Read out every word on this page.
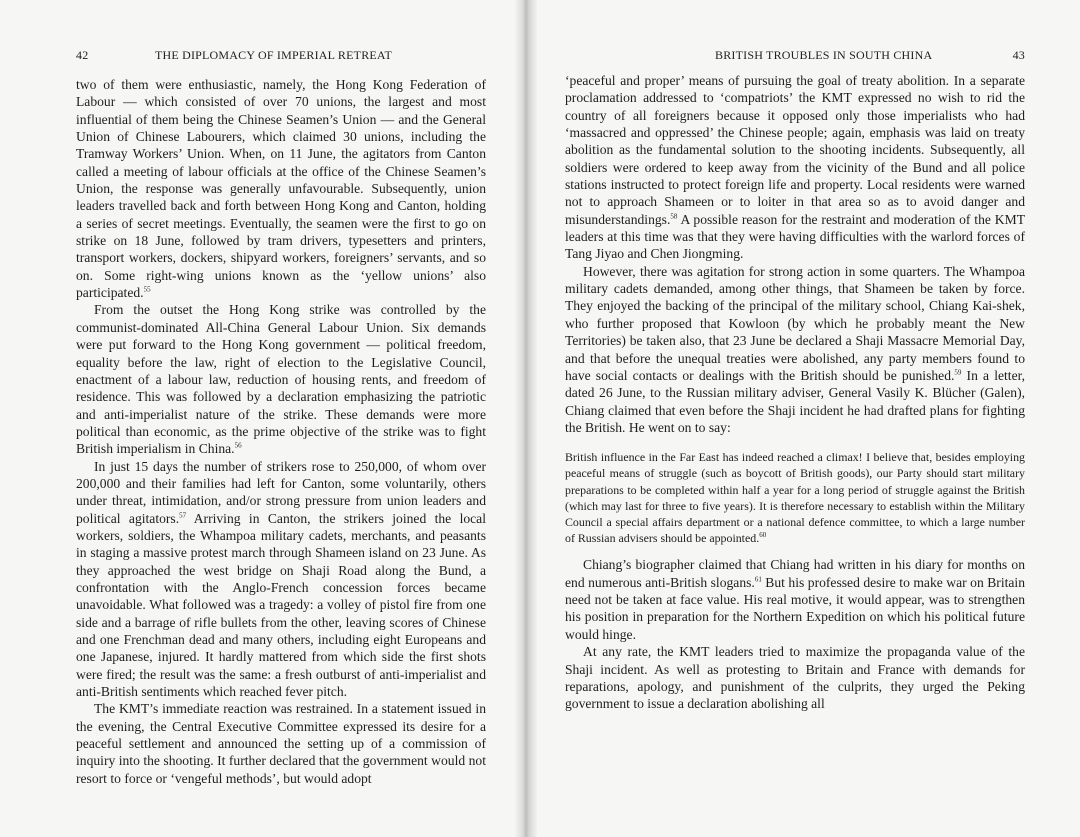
42	THE DIPLOMACY OF IMPERIAL RETREAT

two of them were enthusiastic, namely, the Hong Kong Federation of Labour — which consisted of over 70 unions, the largest and most influential of them being the Chinese Seamen’s Union — and the General Union of Chinese Labourers, which claimed 30 unions, including the Tramway Workers’ Union. When, on 11 June, the agitators from Canton called a meeting of labour officials at the office of the Chinese Seamen’s Union, the response was generally unfavourable. Subsequently, union leaders travelled back and forth between Hong Kong and Canton, holding a series of secret meetings. Eventually, the seamen were the first to go on strike on 18 June, followed by tram drivers, typesetters and printers, transport workers, dockers, shipyard workers, foreigners’ servants, and so on. Some right-wing unions known as the ‘yellow unions’ also participated.$^{55}$

From the outset the Hong Kong strike was controlled by the communist-dominated All-China General Labour Union. Six demands were put forward to the Hong Kong government — political freedom, equality before the law, right of election to the Legislative Council, enactment of a labour law, reduction of housing rents, and freedom of residence. This was followed by a declaration emphasizing the patriotic and anti-imperialist nature of the strike. These demands were more political than economic, as the prime objective of the strike was to fight British imperialism in China.$^{56}$

In just 15 days the number of strikers rose to 250,000, of whom over 200,000 and their families had left for Canton, some voluntarily, others under threat, intimidation, and/or strong pressure from union leaders and political agitators.$^{57}$ Arriving in Canton, the strikers joined the local workers, soldiers, the Whampoa military cadets, merchants, and peasants in staging a massive protest march through Shameen island on 23 June. As they approached the west bridge on Shaji Road along the Bund, a confrontation with the Anglo-French concession forces became unavoidable. What followed was a tragedy: a volley of pistol fire from one side and a barrage of rifle bullets from the other, leaving scores of Chinese and one Frenchman dead and many others, including eight Europeans and one Japanese, injured. It hardly mattered from which side the first shots were fired; the result was the same: a fresh outburst of anti-imperialist and anti-British sentiments which reached fever pitch.

The KMT’s immediate reaction was restrained. In a statement issued in the evening, the Central Executive Committee expressed its desire for a peaceful settlement and announced the setting up of a commission of inquiry into the shooting. It further declared that the government would not resort to force or ‘vengeful methods’, but would adopt

BRITISH TROUBLES IN SOUTH CHINA	43

‘peaceful and proper’ means of pursuing the goal of treaty abolition. In a separate proclamation addressed to ‘compatriots’ the KMT expressed no wish to rid the country of all foreigners because it opposed only those imperialists who had ‘massacred and oppressed’ the Chinese people; again, emphasis was laid on treaty abolition as the fundamental solution to the shooting incidents. Subsequently, all soldiers were ordered to keep away from the vicinity of the Bund and all police stations instructed to protect foreign life and property. Local residents were warned not to approach Shameen or to loiter in that area so as to avoid danger and misunderstandings.$^{58}$ A possible reason for the restraint and moderation of the KMT leaders at this time was that they were having difficulties with the warlord forces of Tang Jiyao and Chen Jiongming.

However, there was agitation for strong action in some quarters. The Whampoa military cadets demanded, among other things, that Shameen be taken by force. They enjoyed the backing of the principal of the military school, Chiang Kai-shek, who further proposed that Kowloon (by which he probably meant the New Territories) be taken also, that 23 June be declared a Shaji Massacre Memorial Day, and that before the unequal treaties were abolished, any party members found to have social contacts or dealings with the British should be punished.$^{59}$ In a letter, dated 26 June, to the Russian military adviser, General Vasily K. Blücher (Galen), Chiang claimed that even before the Shaji incident he had drafted plans for fighting the British. He went on to say:

British influence in the Far East has indeed reached a climax! I believe that, besides employing peaceful means of struggle (such as boycott of British goods), our Party should start military preparations to be completed within half a year for a long period of struggle against the British (which may last for three to five years). It is therefore necessary to establish within the Military Council a special affairs department or a national defence committee, to which a large number of Russian advisers should be appointed.$^{60}$

Chiang’s biographer claimed that Chiang had written in his diary for months on end numerous anti-British slogans.$^{61}$ But his professed desire to make war on Britain need not be taken at face value. His real motive, it would appear, was to strengthen his position in preparation for the Northern Expedition on which his political future would hinge.

At any rate, the KMT leaders tried to maximize the propaganda value of the Shaji incident. As well as protesting to Britain and France with demands for reparations, apology, and punishment of the culprits, they urged the Peking government to issue a declaration abolishing all
